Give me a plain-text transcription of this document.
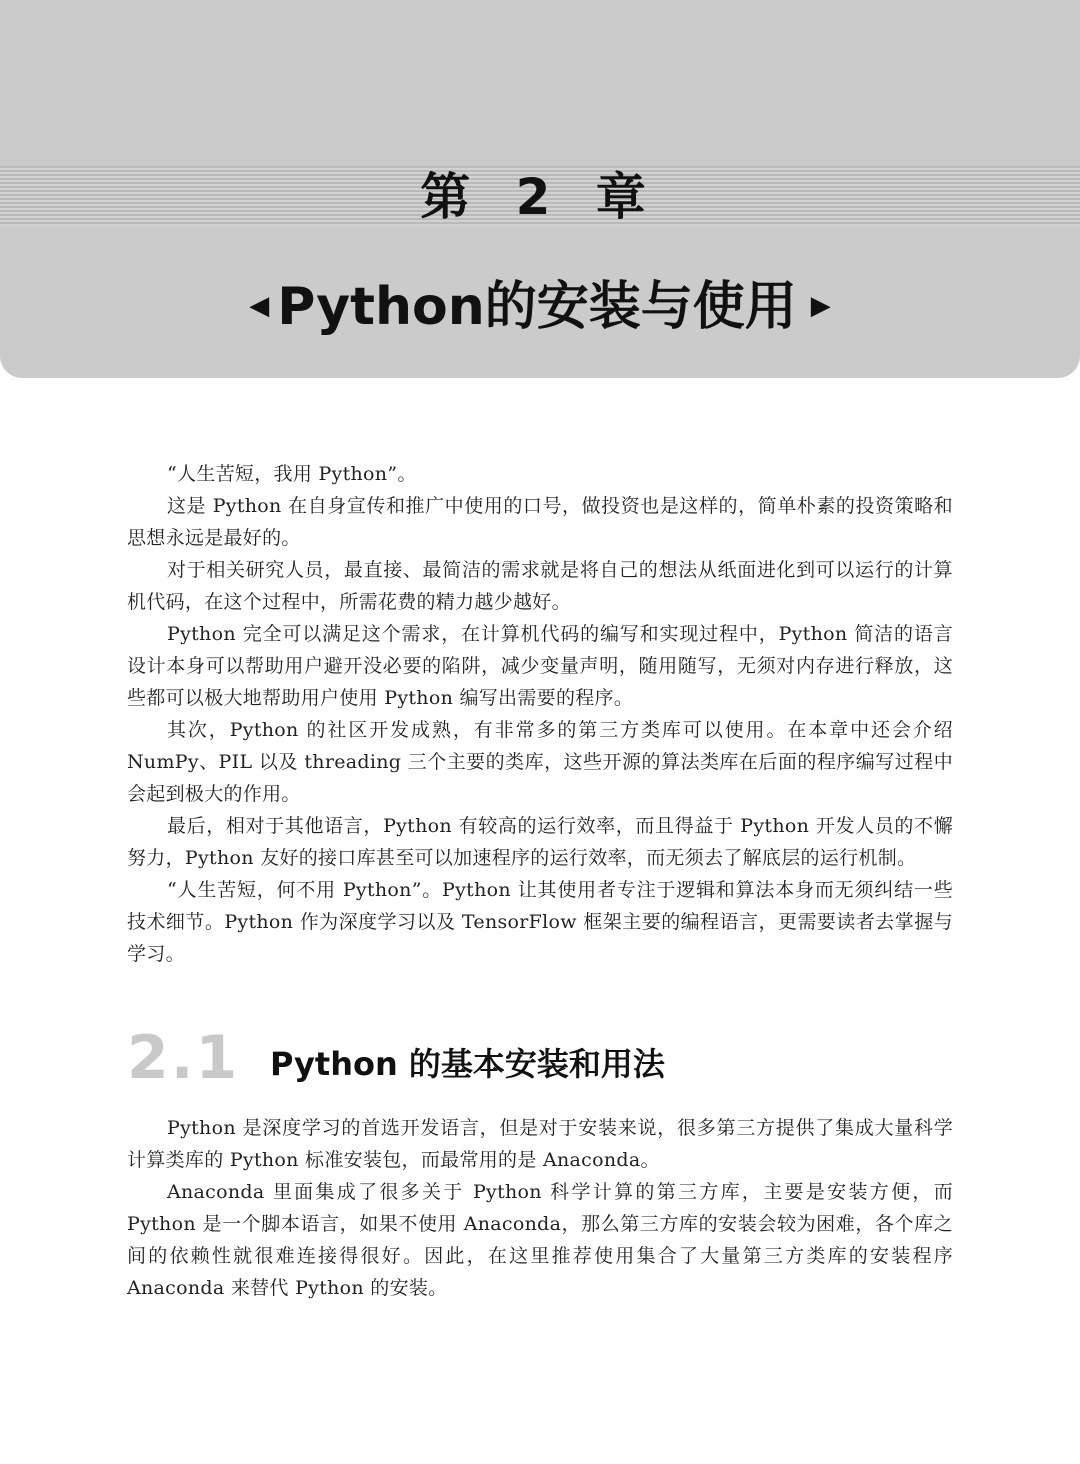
第 2 章
◀ Python的安装与使用 ▶

“人生苦短，我用 Python”。

这是 Python 在自身宣传和推广中使用的口号，做投资也是这样的，简单朴素的投资策略和思想永远是最好的。

对于相关研究人员，最直接、最简洁的需求就是将自己的想法从纸面进化到可以运行的计算机代码，在这个过程中，所需花费的精力越少越好。

Python 完全可以满足这个需求，在计算机代码的编写和实现过程中，Python 简洁的语言设计本身可以帮助用户避开没必要的陷阱，减少变量声明，随用随写，无须对内存进行释放，这些都可以极大地帮助用户使用 Python 编写出需要的程序。

其次，Python 的社区开发成熟，有非常多的第三方类库可以使用。在本章中还会介绍 NumPy、PIL 以及 threading 三个主要的类库，这些开源的算法类库在后面的程序编写过程中会起到极大的作用。

最后，相对于其他语言，Python 有较高的运行效率，而且得益于 Python 开发人员的不懈努力，Python 友好的接口库甚至可以加速程序的运行效率，而无须去了解底层的运行机制。

“人生苦短，何不用 Python”。Python 让其使用者专注于逻辑和算法本身而无须纠结一些技术细节。Python 作为深度学习以及 TensorFlow 框架主要的编程语言，更需要读者去掌握与学习。

2.1 Python 的基本安装和用法

Python 是深度学习的首选开发语言，但是对于安装来说，很多第三方提供了集成大量科学计算类库的 Python 标准安装包，而最常用的是 Anaconda。

Anaconda 里面集成了很多关于 Python 科学计算的第三方库，主要是安装方便，而 Python 是一个脚本语言，如果不使用 Anaconda，那么第三方库的安装会较为困难，各个库之间的依赖性就很难连接得很好。因此，在这里推荐使用集合了大量第三方类库的安装程序 Anaconda 来替代 Python 的安装。
